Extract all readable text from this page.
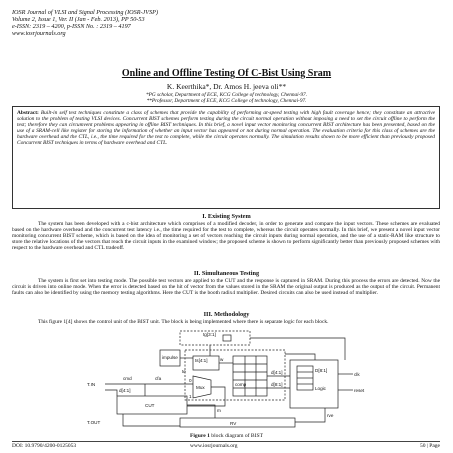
IOSR Journal of VLSI and Signal Processing (IOSR-JVSP)
Volume 2, Issue 1, Ver. II (Jan - Feb. 2013), PP 50-53
e-ISSN: 2319 – 4200, p-ISSN No. : 2319 – 4197
www.iosrjournals.org
Online and Offline Testing Of C-Bist Using Sram
K. Keerthika*, Dr. Amos H. jeeva oli**
*PG scholar, Department of ECE, KCG College of technology, Chennai-97.
**Professor, Department of ECE, KCG College of technology, Chennai-97.
Abstract: Built-in self test techniques constitute a class of schemes that provide the capability of performing at-speed testing with high fault coverage hence; they constitute an attractive solution to the problem of testing VLSI devices. Concurrent BIST schemes perform testing during the circuit normal operation without imposing a need to set the circuit offline to perform the test; therefore they can circumvent problems appearing in offline BIST techniques. In this brief, a novel input vector monitoring concurrent BIST architecture has been presented, based on the use of a SRAM-cell like register for storing the information of whether an input vector has appeared or not during normal operation. The evaluation criteria for this class of schemes are the hardware overhead and the CTL, i.e., the time required for the test to complete, while the circuit operates normally. The simulation results shown to be more efficient than previously proposed Concurrent BIST techniques in terms of hardware overhead and CTL.
I. Existing System
The system has been developed with a c-bist architecture which comprises of a modified decoder, in order to generate and compare the input vectors. These schemes are evaluated based on the hardware overhead and the concurrent test latency i.e., the time required for the test to complete, whereas the circuit operates normally. In this brief, we present a novel input vector monitoring concurrent BIST scheme, which is based on the idea of monitoring a set of vectors reaching the circuit inputs during normal operation, and the use of a static-RAM like structure to store the relative locations of the vectors that reach the circuit inputs in the examined window; the proposed scheme is shown to perform significantly better than previously proposed schemes with respect to the hardware overhead and CTL tradeoff.
II. Simultaneous Testing
The system is first set into testing mode. The possible test vectors are applied to the CUT and the response is captured in SRAM. During this process the errors are detected. Now the circuit is driven into online mode. When the error is detected based on the hit of vector from the values stored in the SRAM the original output is produced as the output of the circuit. Permanent faults can also be identified by using the memory testing algorithms. Here the CUT is the booth radix4 multiplier. Desired circuits can also be used instead of multiplier.
III. Methodology
This figure 1[4] shows the control unit of the BIST unit. The block is being implemented where there is separate logic for each block.
tg[3:1]
impulse
ts[4:1]
te
w
Mux
0
1
comp
d[4:1]	D[8:1]
d[8:1]
Logic
clk
reset
CUT
RV
rve
cmd	cfa
T.IN
T.OUT
d[4:1]
m
Figure 1 block diagram of BIST
DOI: 10.9790/4200-0125053	www.iosrjournals.org	50 | Page
